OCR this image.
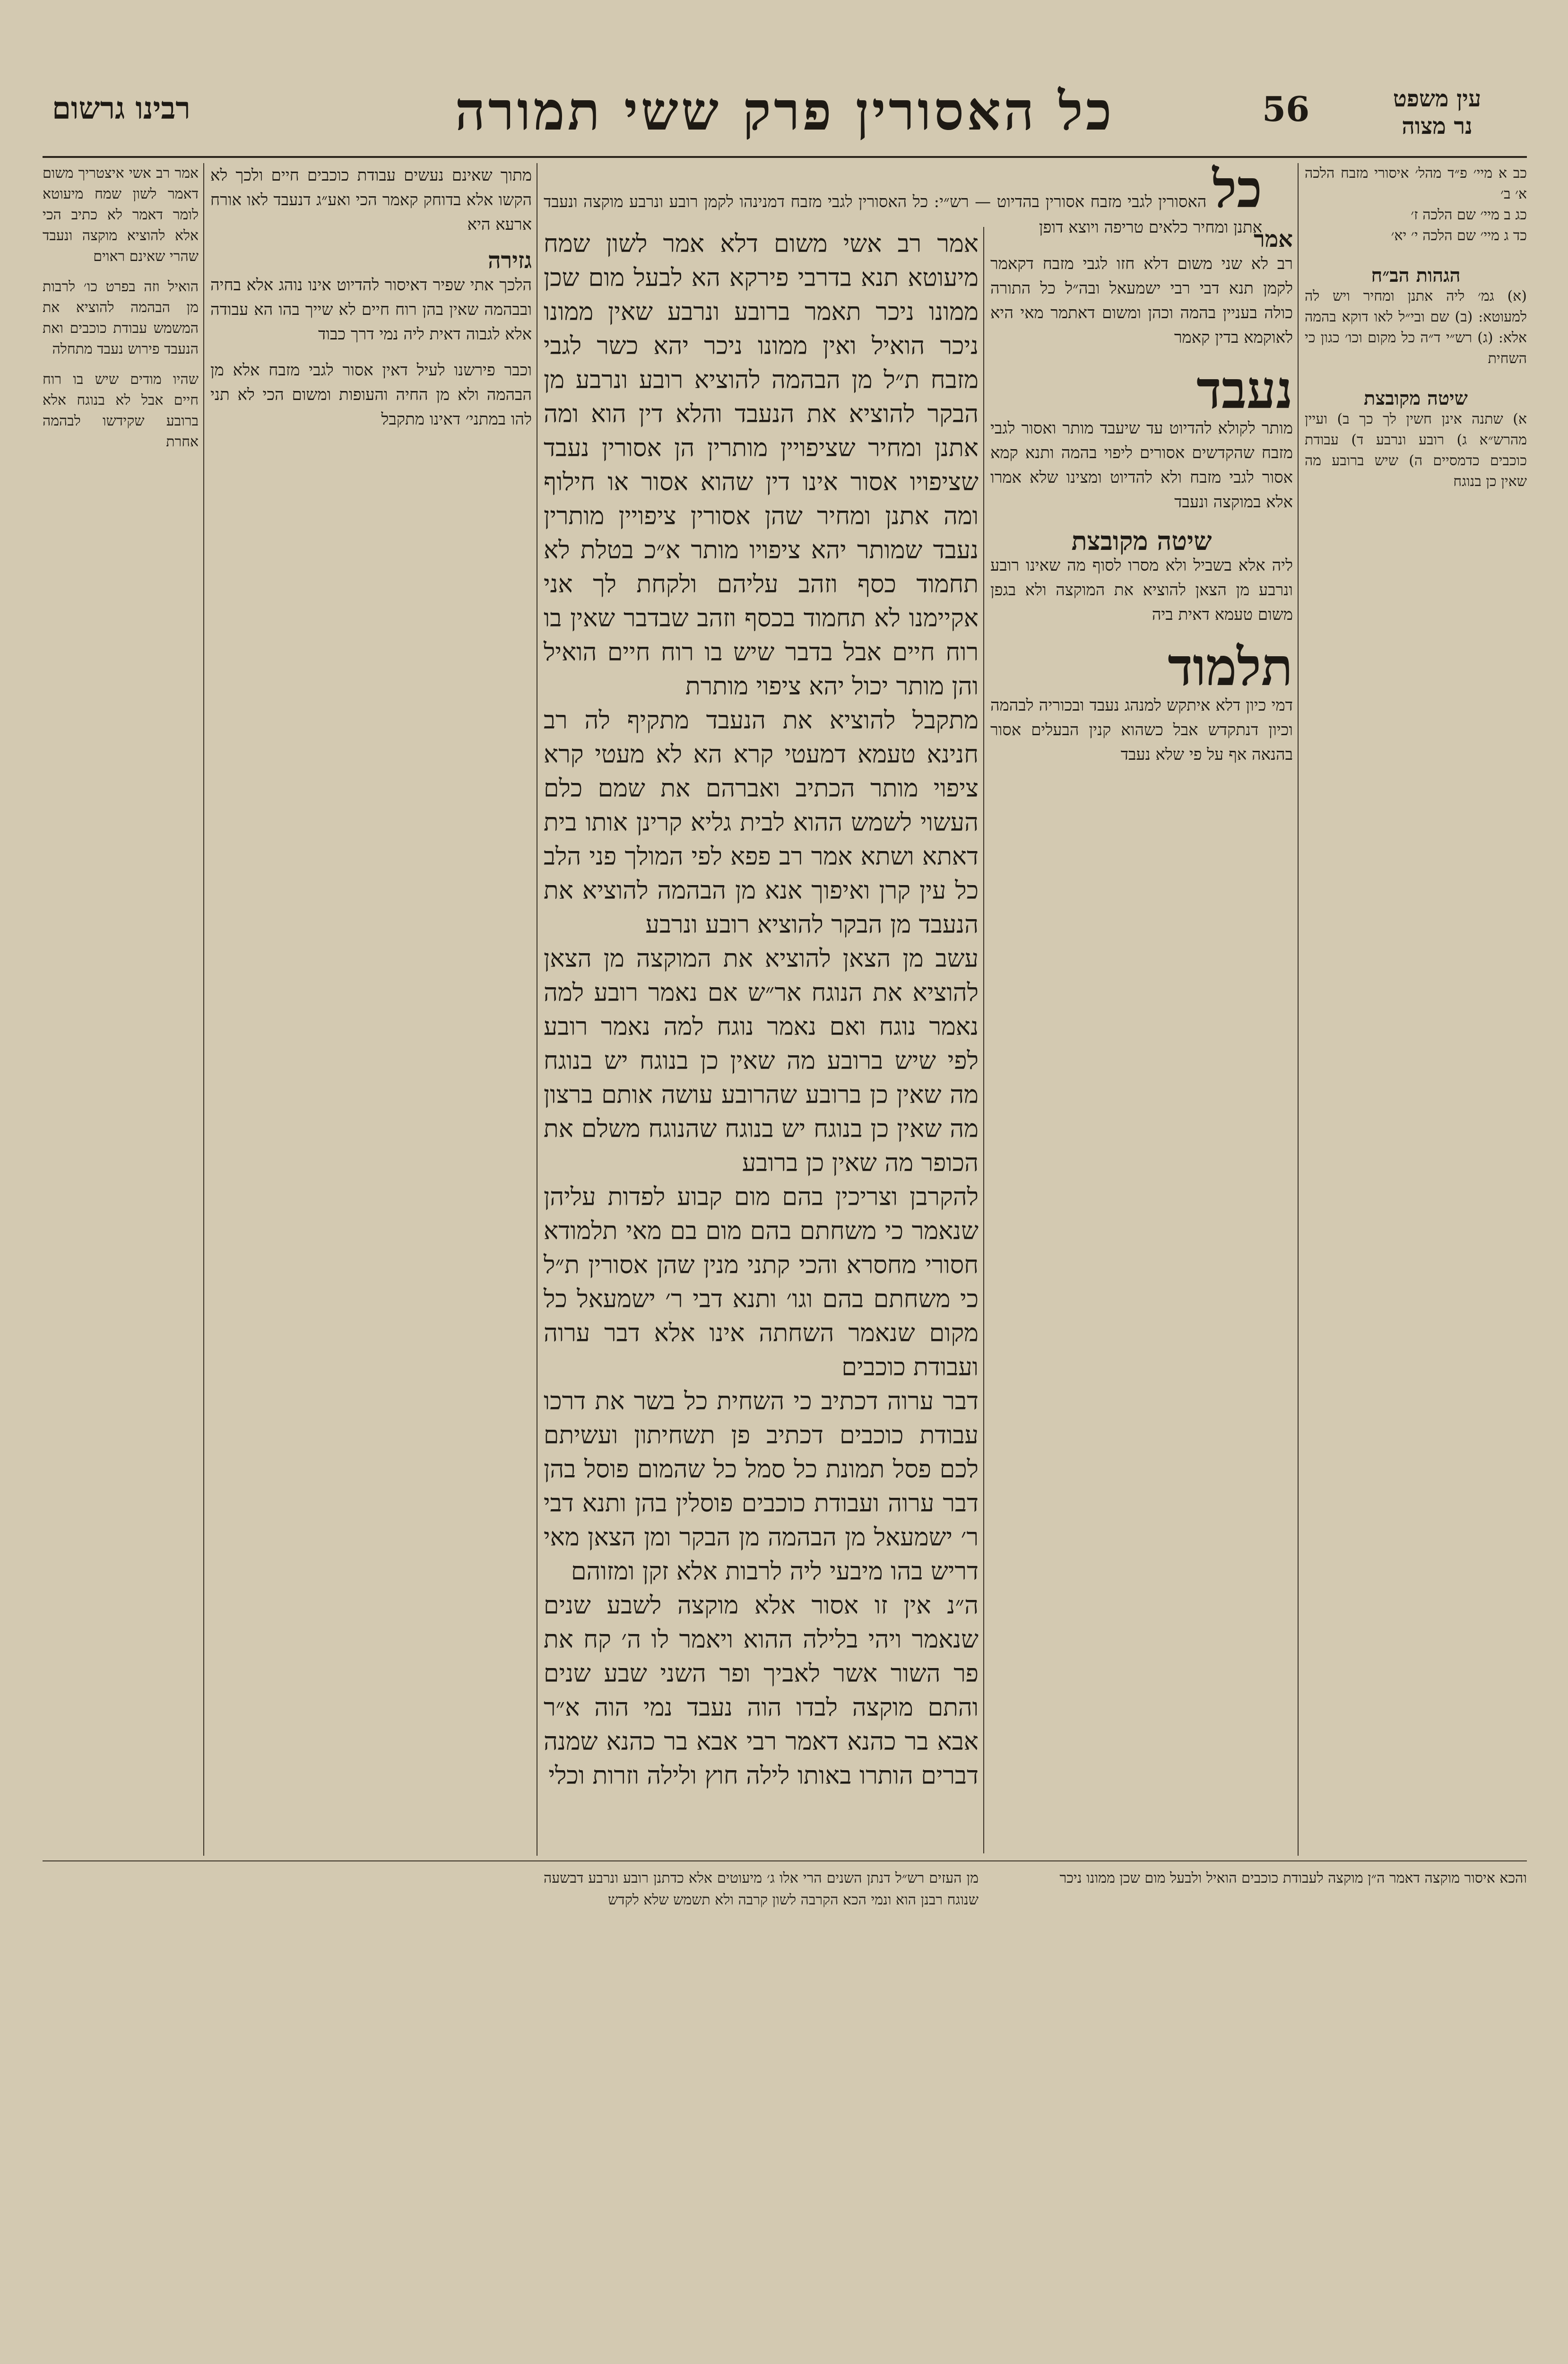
רבינו גרשום	כל האסורין פרק ששי תמורה	56	עין משפט
נר מצוה
אמר רב אשי איצטריך משום דאמר לשון שמח מיעוטא לומר דאמר לא כתיב הכי אלא להוציא מוקצה ונעבד שהרי שאינם ראוים
הואיל וזה בפרט כו׳ לרבות מן הבהמה להוציא את המשמש עבודת כוכבים ואת הנעבד פירוש נעבד מתחלה
שהיו מודים שיש בו רוח חיים אבל לא בנוגח אלא ברובע שקידשו לבהמה אחרת
מתוך שאינם נעשים עבודת כוכבים חיים ולכך לא הקשו אלא בדוחק קאמר הכי ואע״ג דנעבד לאו אורח ארעא היא
גזירה
הלכך אתי שפיר דאיסור להדיוט אינו נוהג אלא בחיה ובבהמה שאין בהן רוח חיים לא שייך בהו הא עבודה אלא לגבוה דאית ליה נמי דרך כבוד
וכבר פירשנו לעיל דאין אסור לגבי מזבח אלא מן הבהמה ולא מן החיה והעופות ומשום הכי לא תני להו במתני׳ דאינו מתקבל
אמר רב אשי משום דלא אמר לשון שמח מיעוטא תנא בדרבי פירקא הא לבעל מום שכן ממונו ניכר תאמר ברובע ונרבע שאין ממונו ניכר הואיל ואין ממונו ניכר יהא כשר לגבי מזבח ת״ל מן הבהמה להוציא רובע ונרבע מן הבקר להוציא את הנעבד והלא דין הוא ומה אתנן ומחיר שציפויין מותרין הן אסורין נעבד שציפויו אסור אינו דין שהוא אסור או חילוף ומה אתנן ומחיר שהן אסורין ציפויין מותרין נעבד שמותר יהא ציפויו מותר א״כ בטלת לא תחמוד כסף וזהב עליהם ולקחת לך אני אקיימנו לא תחמוד בכסף וזהב שבדבר שאין בו רוח חיים אבל בדבר שיש בו רוח חיים הואיל והן מותר יכול יהא ציפוי מותרת
מתקבל להוציא את הנעבד מתקיף לה רב חנינא טעמא דמעטי קרא הא לא מעטי קרא ציפוי מותר הכתיב ואברהם את שמם כלם העשוי לשמש ההוא לבית גליא קרינן אותו בית דאתא ושתא אמר רב פפא לפי המולך פני הלב כל עין קרן ואיפוך אנא מן הבהמה להוציא את הנעבד מן הבקר להוציא רובע ונרבע
עשב מן הצאן להוציא את המוקצה מן הצאן להוציא את הנוגח אר״ש אם נאמר רובע למה נאמר נוגח ואם נאמר נוגח למה נאמר רובע לפי שיש ברובע מה שאין כן בנוגח יש בנוגח מה שאין כן ברובע שהרובע עושה אותם ברצון מה שאין כן בנוגח יש בנוגח שהנוגח משלם את הכופר מה שאין כן ברובע
להקרבן וצריכין בהם מום קבוע לפדות עליהן שנאמר כי משחתם בהם מום בם מאי תלמודא חסורי מחסרא והכי קתני מנין שהן אסורין ת״ל כי משחתם בהם וגו׳ ותנא דבי ר׳ ישמעאל כל מקום שנאמר השחתה אינו אלא דבר ערוה ועבודת כוכבים
דבר ערוה דכתיב כי השחית כל בשר את דרכו עבודת כוכבים דכתיב פן תשחיתון ועשיתם לכם פסל תמונת כל סמל כל שהמום פוסל בהן דבר ערוה ועבודת כוכבים פוסלין בהן ותנא דבי ר׳ ישמעאל מן הבהמה מן הבקר ומן הצאן מאי דריש בהו מיבעי ליה לרבות אלא זקן ומזוהם
ה״נ אין זו אסור אלא מוקצה לשבע שנים שנאמר ויהי בלילה ההוא ויאמר לו ה׳ קח את פר השור אשר לאביך ופר השני שבע שנים והתם מוקצה לבדו הוה נעבד נמי הוה א״ר אבא בר כהנא דאמר רבי אבא בר כהנא שמנה דברים הותרו באותו לילה חוץ ולילה וזרות וכלי
כל האסורין לגבי מזבח אסורין בהדיוט — רש״י: כל האסורין לגבי מזבח דמנינהו לקמן רובע ונרבע מוקצה ונעבד אתנן ומחיר כלאים טריפה ויוצא דופן
אמר
רב לא שני משום דלא חזו לגבי מזבח דקאמר לקמן תנא דבי רבי ישמעאל ובה״ל כל התורה כולה בעניין בהמה וכהן ומשום דאתמר מאי היא לאוקמא בדין קאמר
נעבד
מותר לקולא להדיוט עד שיעבד מותר ואסור לגבי מזבח שהקדשים אסורים ליפוי בהמה ותנא קמא אסור לגבי מזבח ולא להדיוט ומצינו שלא אמרו אלא במוקצה ונעבד
שיטה מקובצת
ליה אלא בשביל ולא מסרו לסוף מה שאינו רובע ונרבע מן הצאן להוציא את המוקצה ולא בגפן משום טעמא דאית ביה
תלמוד
דמי כיון דלא איתקש למנהג נעבד ובכוריה לבהמה וכיון דנתקדש אבל כשהוא קנין הבעלים אסור בהנאה אף על פי שלא נעבד
כב א מיי׳ פ״ד מהל׳ איסורי מזבח הלכה א׳ ב׳
כג ב מיי׳ שם הלכה ז׳
כד ג מיי׳ שם הלכה י׳ יא׳
הגהות הב״ח
(א) גמ׳ ליה אתנן ומחיר ויש לה למעוטא: (ב) שם ובי״ל לאו דוקא בהמה אלא: (ג) רש״י ד״ה כל מקום וכו׳ כגון כי השחית
שיטה מקובצת
א) שתנה אינן חשין לך כך ב) ועיין מהרש״א ג) רובע ונרבע ד) עבודת כוכבים כדמסיים ה) שיש ברובע מה שאין כן בנוגח
מן העזים רש״ל דנתן השנים הרי אלו ג׳ מיעוטים אלא כדתנן רובע ונרבע דבשעה שנוגח רבנן הוא ונמי הכא הקרבה לשון קרבה ולא תשמש שלא לקדש
והכא איסור מוקצה דאמר ה״ן מוקצה לעבודת כוכבים הואיל ולבעל מום שכן ממונו ניכר
